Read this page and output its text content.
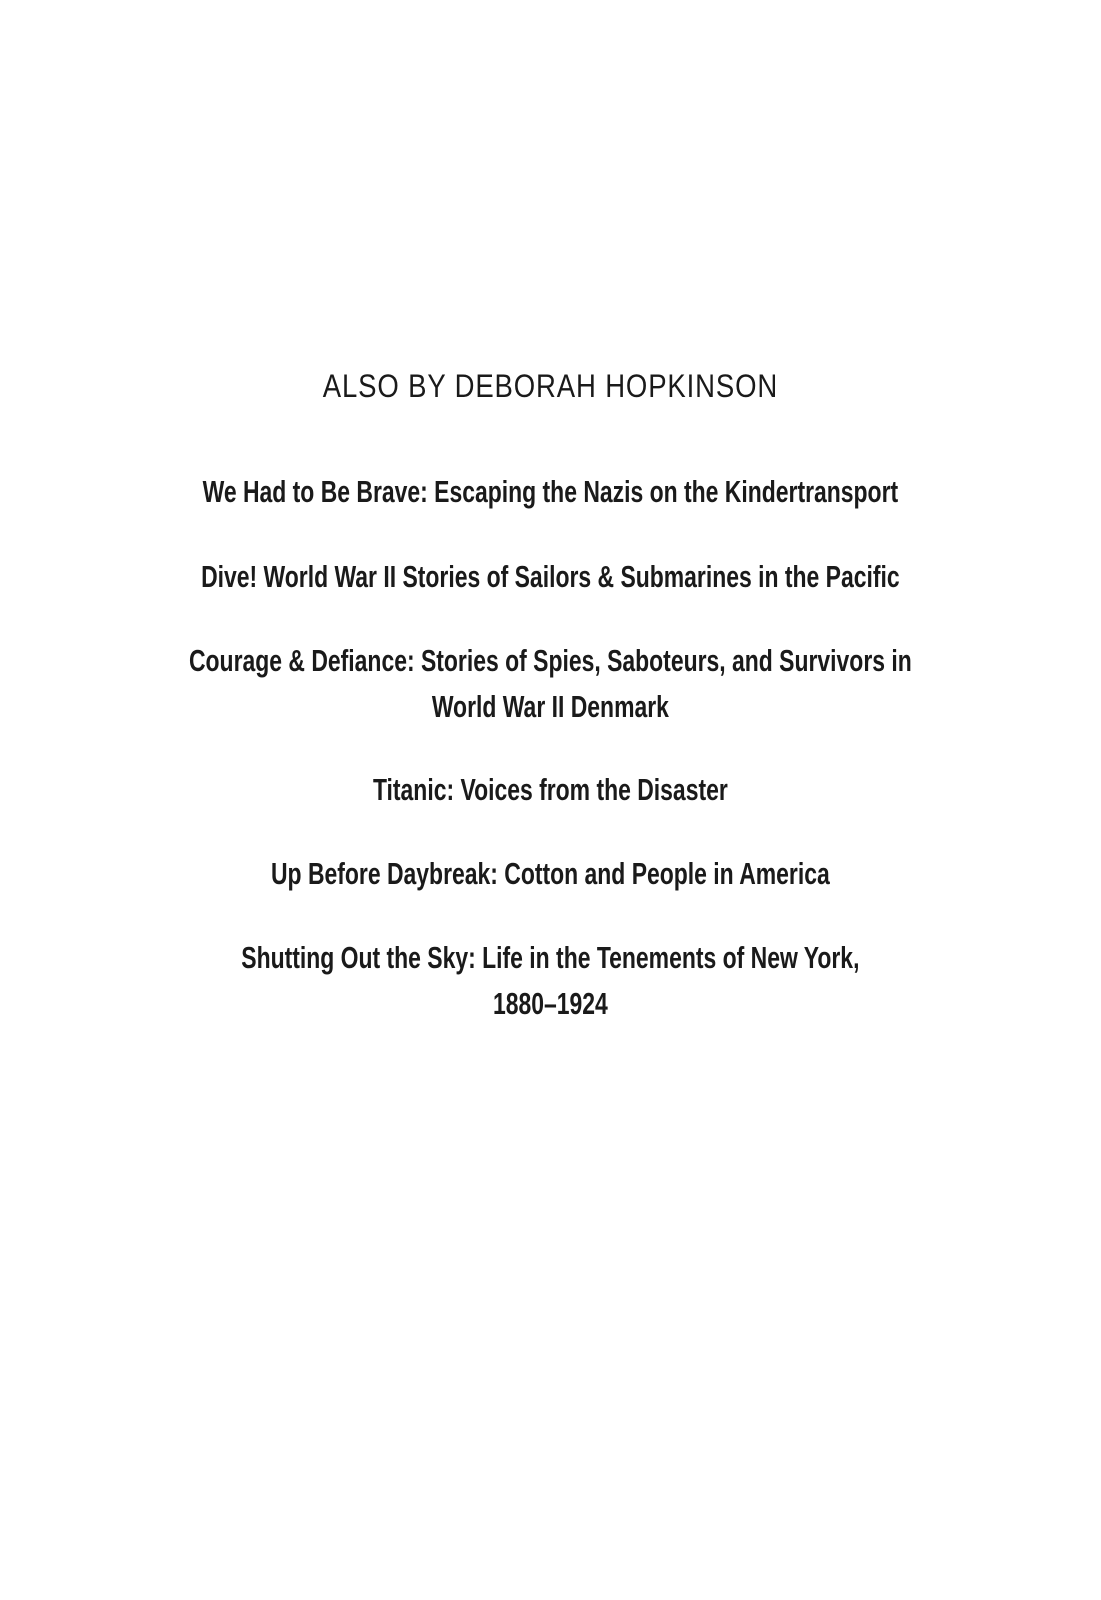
ALSO BY DEBORAH HOPKINSON

We Had to Be Brave: Escaping the Nazis on the Kindertransport

Dive! World War II Stories of Sailors & Submarines in the Pacific

Courage & Defiance: Stories of Spies, Saboteurs, and Survivors in
World War II Denmark

Titanic: Voices from the Disaster

Up Before Daybreak: Cotton and People in America

Shutting Out the Sky: Life in the Tenements of New York,
1880–1924
